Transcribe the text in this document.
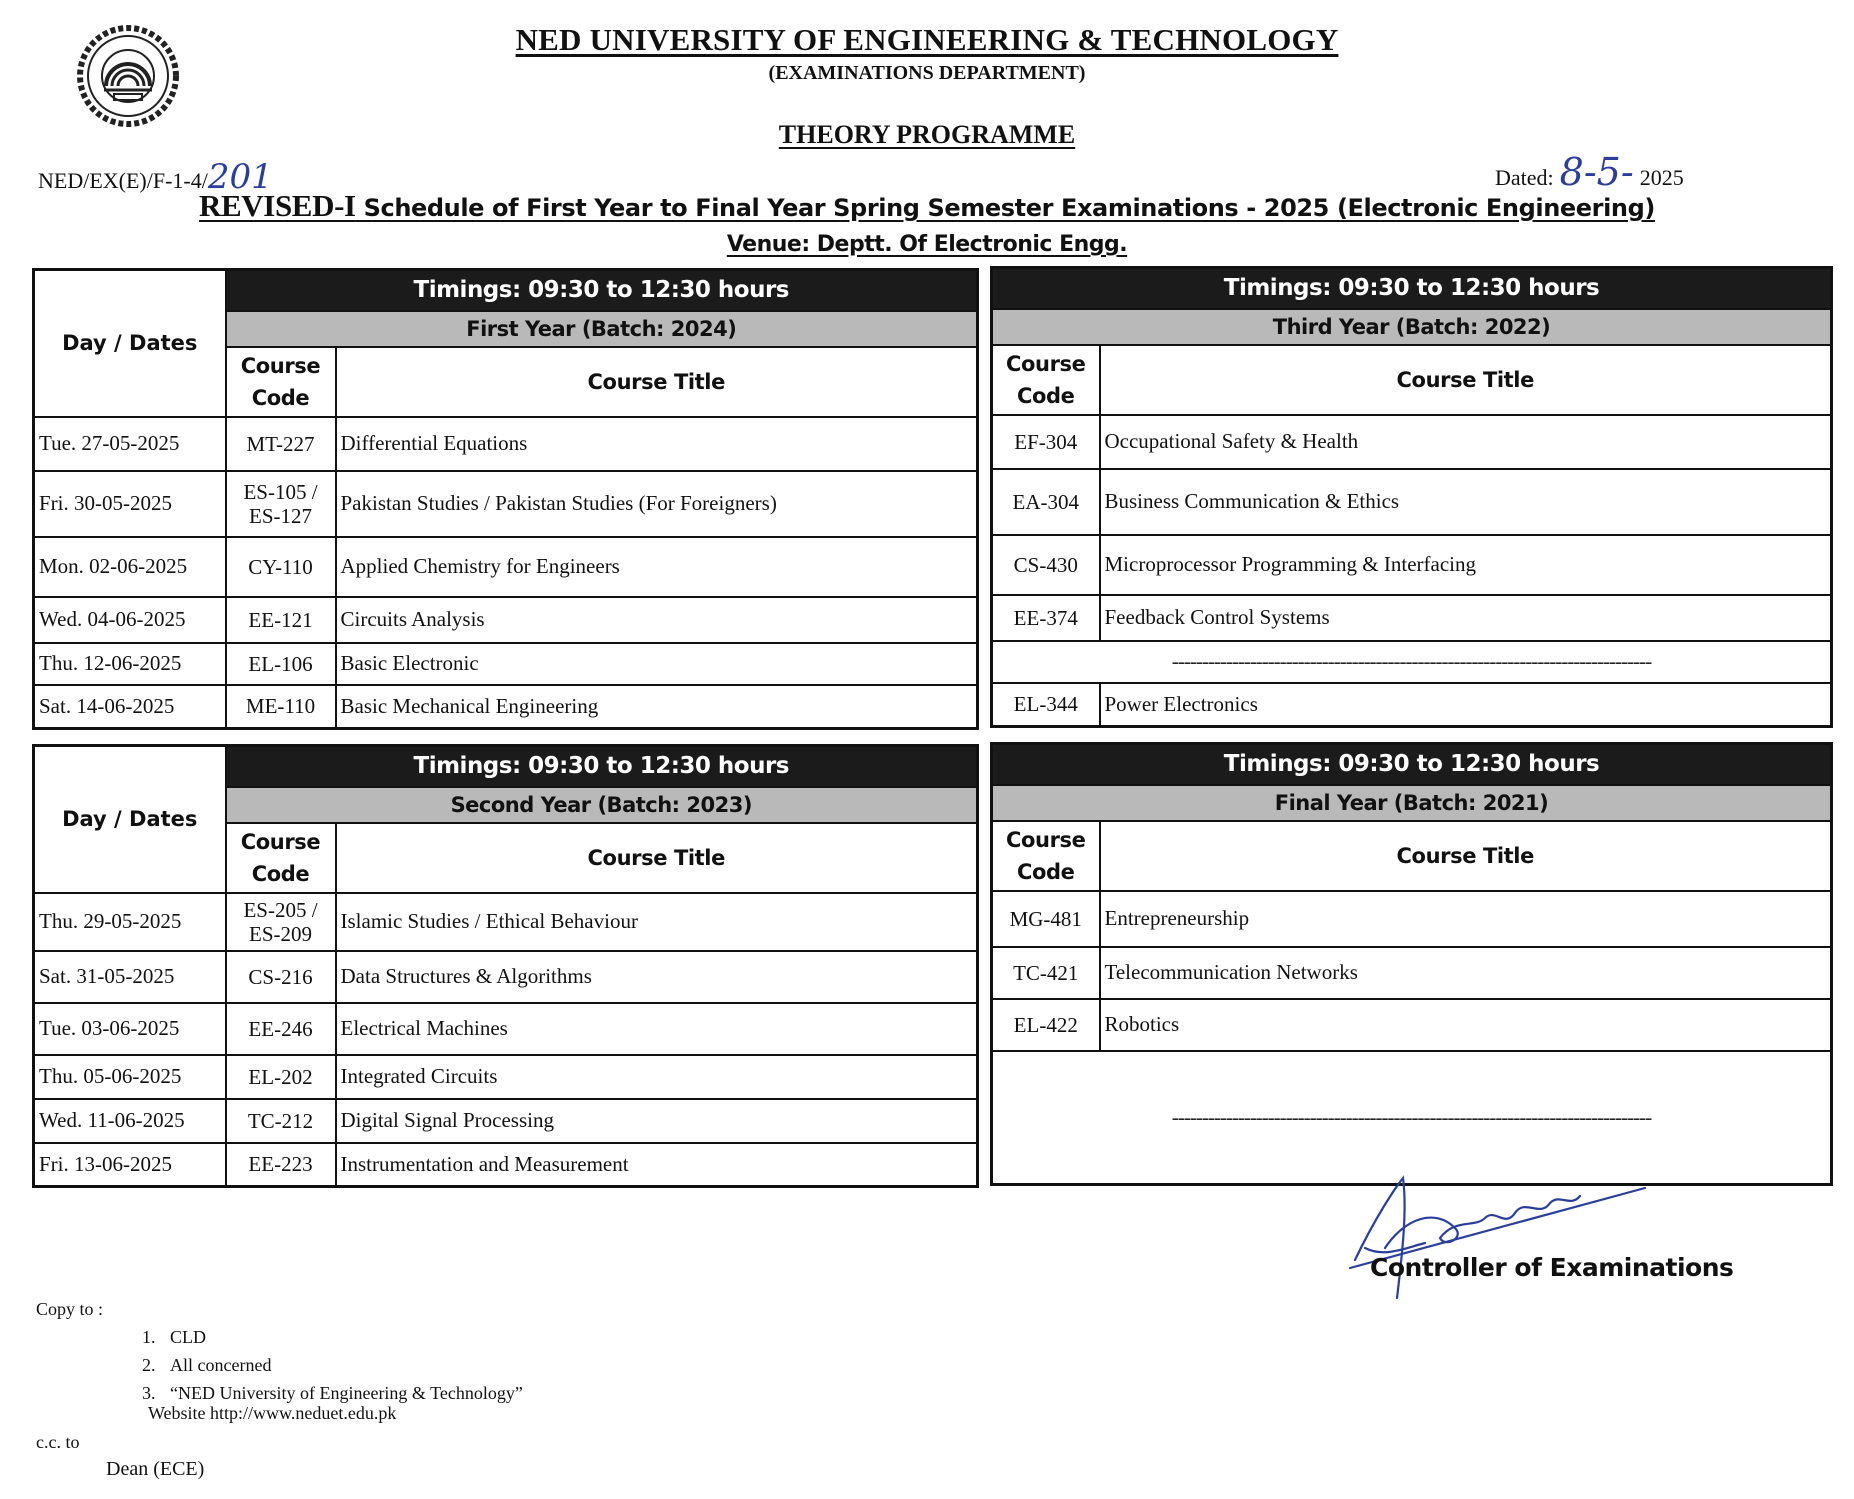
NED UNIVERSITY OF ENGINEERING & TECHNOLOGY
(EXAMINATIONS DEPARTMENT)
THEORY PROGRAMME
NED/EX(E)/F-1-4/201	Dated: 8-5- 2025
REVISED-I Schedule of First Year to Final Year Spring Semester Examinations - 2025 (Electronic Engineering)
Venue: Deptt. Of Electronic Engg.
Day / Dates	Timings: 09:30 to 12:30 hours	
	First Year (Batch: 2024)	
	Course
Code	Course Title
Tue. 27-05-2025	MT-227	Differential Equations
Fri. 30-05-2025	ES-105 / ES-127	Pakistan Studies / Pakistan Studies (For Foreigners)
Mon. 02-06-2025	CY-110	Applied Chemistry for Engineers
Wed. 04-06-2025	EE-121	Circuits Analysis
Thu. 12-06-2025	EL-106	Basic Electronic
Sat. 14-06-2025	ME-110	Basic Mechanical Engineering
Timings: 09:30 to 12:30 hours	
Third Year (Batch: 2022)	
Course
Code	Course Title
EF-304	Occupational Safety & Health
EA-304	Business Communication & Ethics
CS-430	Microprocessor Programming & Interfacing
EE-374	Feedback Control Systems
--------------------------------------------------------------------------------	
EL-344	Power Electronics
Day / Dates	Timings: 09:30 to 12:30 hours	
	Second Year (Batch: 2023)	
	Course
Code	Course Title
Thu. 29-05-2025	ES-205 / ES-209	Islamic Studies / Ethical Behaviour
Sat. 31-05-2025	CS-216	Data Structures & Algorithms
Tue. 03-06-2025	EE-246	Electrical Machines
Thu. 05-06-2025	EL-202	Integrated Circuits
Wed. 11-06-2025	TC-212	Digital Signal Processing
Fri. 13-06-2025	EE-223	Instrumentation and Measurement
Timings: 09:30 to 12:30 hours	
Final Year (Batch: 2021)	
Course
Code	Course Title
MG-481	Entrepreneurship
TC-421	Telecommunication Networks
EL-422	Robotics
--------------------------------------------------------------------------------	
Controller of Examinations
Copy to :
1. CLD
2. All concerned
3. “NED University of Engineering & Technology”
Website http://www.neduet.edu.pk
c.c. to
Dean (ECE)
